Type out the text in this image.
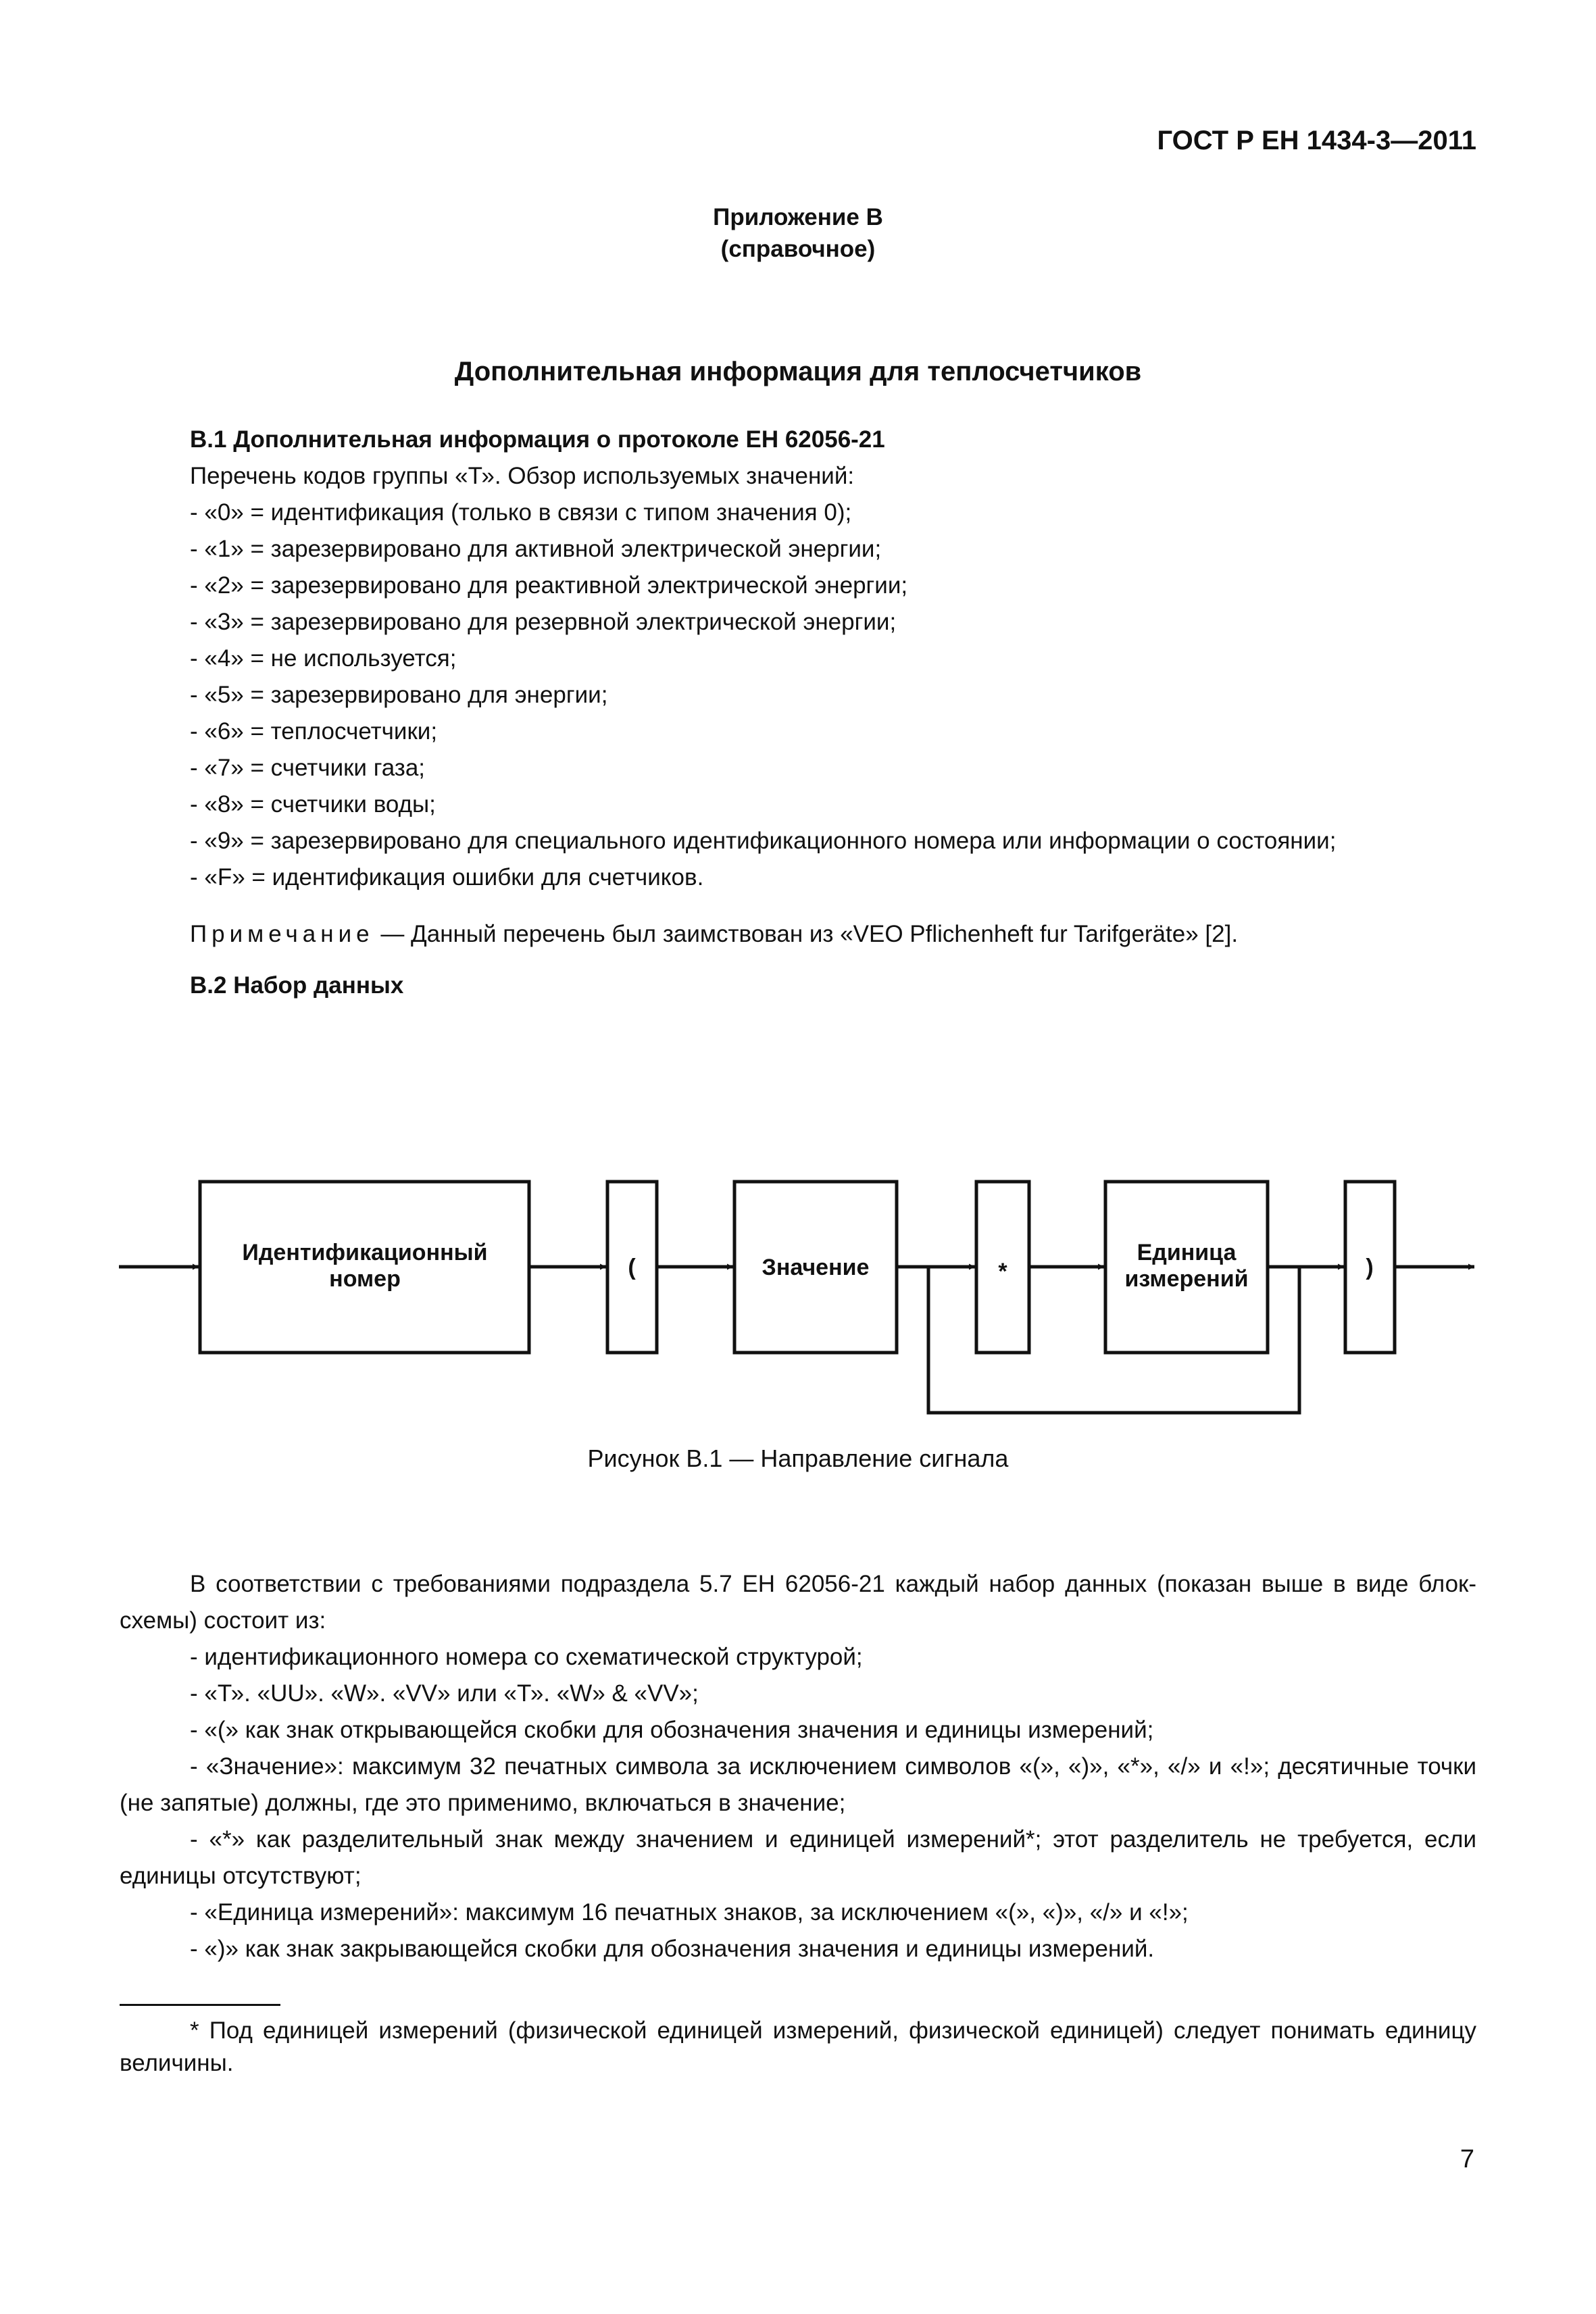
ГОСТ Р ЕН 1434-3—2011
Приложение В
(справочное)
Дополнительная информация для теплосчетчиков
В.1 Дополнительная информация о протоколе ЕН 62056-21
Перечень кодов группы «Т». Обзор используемых значений:
- «0» = идентификация (только в связи с типом значения 0);
- «1» = зарезервировано для активной электрической энергии;
- «2» = зарезервировано для реактивной электрической энергии;
- «3» = зарезервировано для резервной электрической энергии;
- «4» = не используется;
- «5» = зарезервировано для энергии;
- «6» = теплосчетчики;
- «7» = счетчики газа;
- «8» = счетчики воды;
- «9» = зарезервировано для специального идентификационного номера или информации о состоянии;
- «F» = идентификация ошибки для счетчиков.
Примечание — Данный перечень был заимствован из «VEO Pflichenheft fur Tarifgeräte» [2].
В.2 Набор данных
Идентификационный
номер	(	Значение	*
Единица
измерений	)
Рисунок В.1 — Направление сигнала
В соответствии с требованиями подраздела 5.7 ЕН 62056-21 каждый набор данных (показан выше в виде блок-схемы) состоит из:
- идентификационного номера со схематической структурой;
- «Т». «UU». «W». «VV» или «Т». «W» & «VV»;
- «(» как знак открывающейся скобки для обозначения значения и единицы измерений;
- «Значение»: максимум 32 печатных символа за исключением символов «(», «)», «*», «/» и «!»; десятичные точки (не запятые) должны, где это применимо, включаться в значение;
- «*» как разделительный знак между значением и единицей измерений*; этот разделитель не требуется, если единицы отсутствуют;
- «Единица измерений»: максимум 16 печатных знаков, за исключением «(», «)», «/» и «!»;
- «)» как знак закрывающейся скобки для обозначения значения и единицы измерений.
* Под единицей измерений (физической единицей измерений, физической единицей) следует понимать единицу величины.
7
